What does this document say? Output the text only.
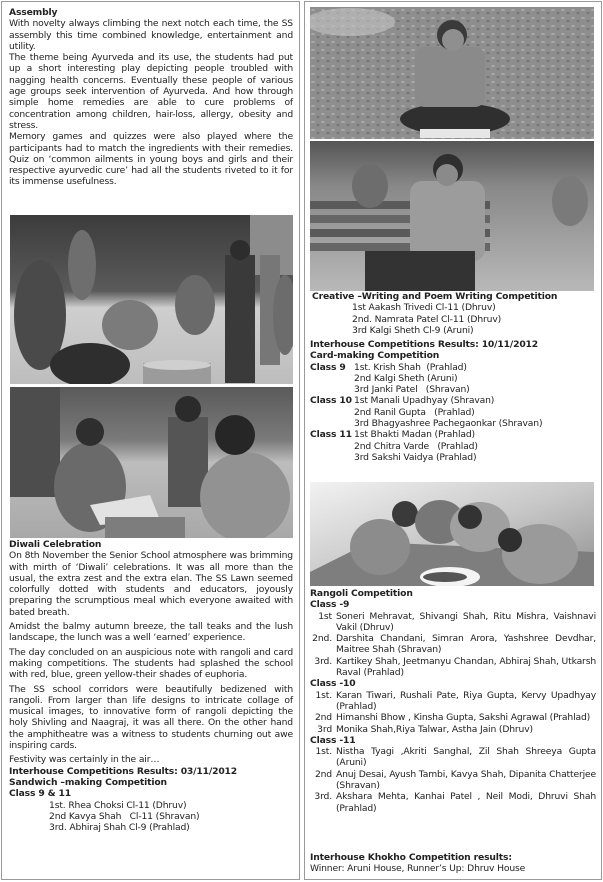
Assembly

With novelty always climbing the next notch each time, the SS assembly this time combined knowledge, entertainment and utility.

The theme being Ayurveda and its use, the students had put up a short interesting play depicting people troubled with nagging health concerns. Eventually these people of various age groups seek intervention of Ayurveda. And how through simple home remedies are able to cure problems of concentration among children, hair-loss, allergy, obesity and stress.

Memory games and quizzes were also played where the participants had to match the ingredients with their remedies. Quiz on ‘common ailments in young boys and girls and their respective ayurvedic cure’ had all the students riveted to it for its immense usefulness.

Diwali Celebration

On 8th November the Senior School atmosphere was brimming with mirth of ‘Diwali’ celebrations. It was all more than the usual, the extra zest and the extra elan. The SS Lawn seemed colorfully dotted with students and educators, joyously preparing the scrumptious meal which everyone awaited with bated breath.

Amidst the balmy autumn breeze, the tall teaks and the lush landscape, the lunch was a well ‘earned’ experience.

The day concluded on an auspicious note with rangoli and card making competitions. The students had splashed the school with red, blue, green yellow-their shades of euphoria.

The SS school corridors were beautifully bedizened with rangoli. From larger than life designs to intricate collage of musical images, to innovative form of rangoli depicting the holy Shivling and Naagraj, it was all there. On the other hand the amphitheatre was a witness to students churning out awe inspiring cards.

Festivity was certainly in the air…

Interhouse Competitions Results: 03/11/2012

Sandwich –making Competition

Class 9 & 11

1st. Rhea Choksi Cl-11 (Dhruv)

2nd Kavya Shah   Cl-11 (Shravan)

3rd. Abhiraj Shah Cl-9 (Prahlad)

Creative –Writing and Poem Writing Competition

1st Aakash Trivedi Cl-11 (Dhruv)

2nd. Namrata Patel Cl-11 (Dhruv)

3rd Kalgi Sheth Cl-9 (Aruni)

Interhouse Competitions Results: 10/11/2012

Card-making Competition

Class 9 1st. Krish Shah  (Prahlad)

2nd Kalgi Sheth (Aruni)

3rd Janki Patel   (Shravan)

Class 10 1st Manali Upadhyay (Shravan)

2nd Ranil Gupta   (Prahlad)

3rd Bhagyashree Pachegaonkar (Shravan)

Class 11 1st Bhakti Madan (Prahlad)

2nd Chitra Varde   (Prahlad)

3rd Sakshi Vaidya (Prahlad)

Rangoli Competition

Class -9

1st Soneri Mehravat, Shivangi Shah, Ritu Mishra, Vaishnavi Vakil (Dhruv)
2nd. Darshita Chandani, Simran Arora, Yashshree Devdhar, Maitree Shah (Shravan)
3rd. Kartikey Shah, Jeetmanyu Chandan, Abhiraj Shah, Utkarsh Raval (Prahlad)

Class -10

1st. Karan Tiwari, Rushali Pate, Riya Gupta, Kervy Upadhyay (Prahlad)
2nd Himanshi Bhow , Kinsha Gupta, Sakshi Agrawal (Prahlad)
3rd Monika Shah,Riya Talwar, Astha Jain (Dhruv)

Class -11

1st. Nistha Tyagi ,Akriti Sanghal, Zil Shah Shreeya Gupta (Aruni)
2nd Anuj Desai, Ayush Tambi, Kavya Shah, Dipanita Chatterjee (Shravan)
3rd. Akshara Mehta, Kanhai Patel , Neil Modi, Dhruvi Shah (Prahlad)

Interhouse Khokho Competition results:

Winner: Aruni House, Runner’s Up: Dhruv House
